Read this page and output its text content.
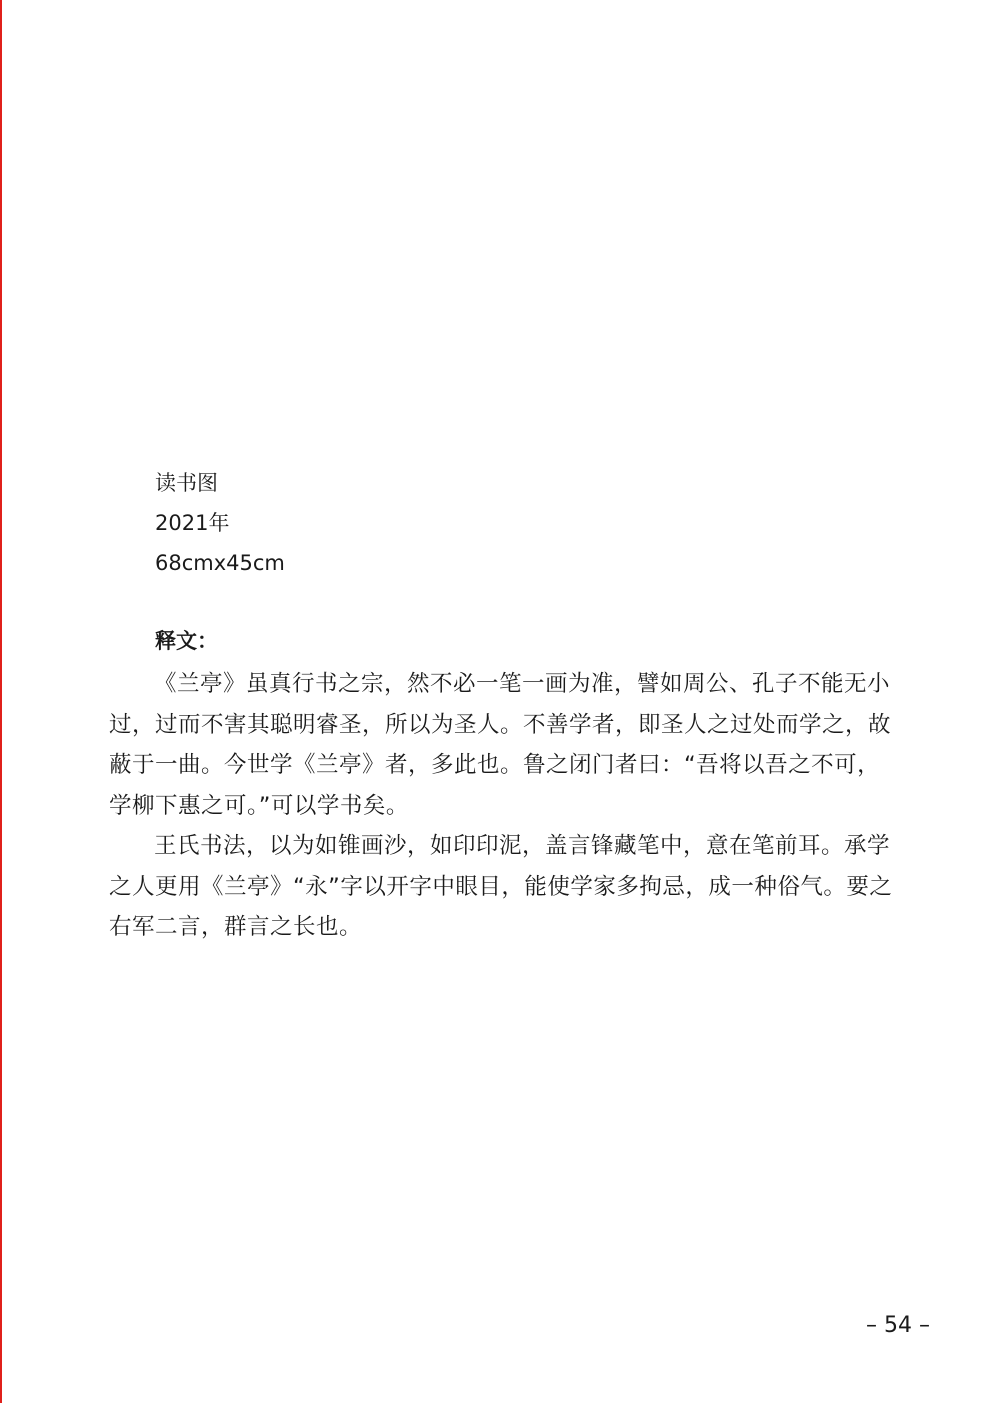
读书图
2021年
68cmx45cm
释文：

《兰亭》虽真行书之宗，然不必一笔一画为准，譬如周公、孔子不能无小过，过而不害其聪明睿圣，所以为圣人。不善学者，即圣人之过处而学之，故蔽于一曲。今世学《兰亭》者，多此也。鲁之闭门者曰：“吾将以吾之不可，学柳下惠之可。”可以学书矣。

王氏书法，以为如锥画沙，如印印泥，盖言锋藏笔中，意在笔前耳。承学之人更用《兰亭》“永”字以开字中眼目，能使学家多拘忌，成一种俗气。要之右军二言，群言之长也。

– 54 –
